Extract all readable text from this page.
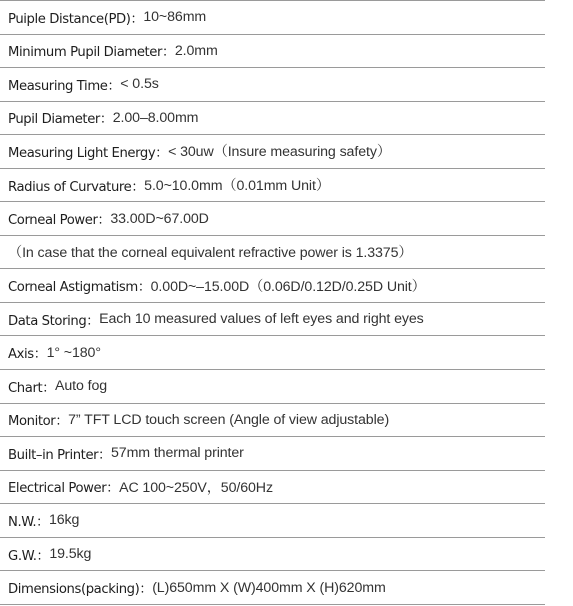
Puiple Distance(PD)： 10~86mm
Minimum Pupil Diameter： 2.0mm
Measuring Time： < 0.5s
Pupil Diameter： 2.00–8.00mm
Measuring Light Energy： < 30uw（Insure measuring safety）
Radius of Curvature： 5.0~10.0mm（0.01mm Unit）
Corneal Power： 33.00D~67.00D
（In case that the corneal equivalent refractive power is 1.3375）
Corneal Astigmatism： 0.00D~–15.00D（0.06D/0.12D/0.25D Unit）
Data Storing： Each 10 measured values of left eyes and right eyes
Axis： 1° ~180°
Chart： Auto fog
Monitor： 7” TFT LCD touch screen (Angle of view adjustable)
Built–in Printer： 57mm thermal printer
Electrical Power： AC 100~250V，50/60Hz
N.W.： 16kg
G.W.： 19.5kg
Dimensions(packing)： (L)650mm X (W)400mm X (H)620mm
